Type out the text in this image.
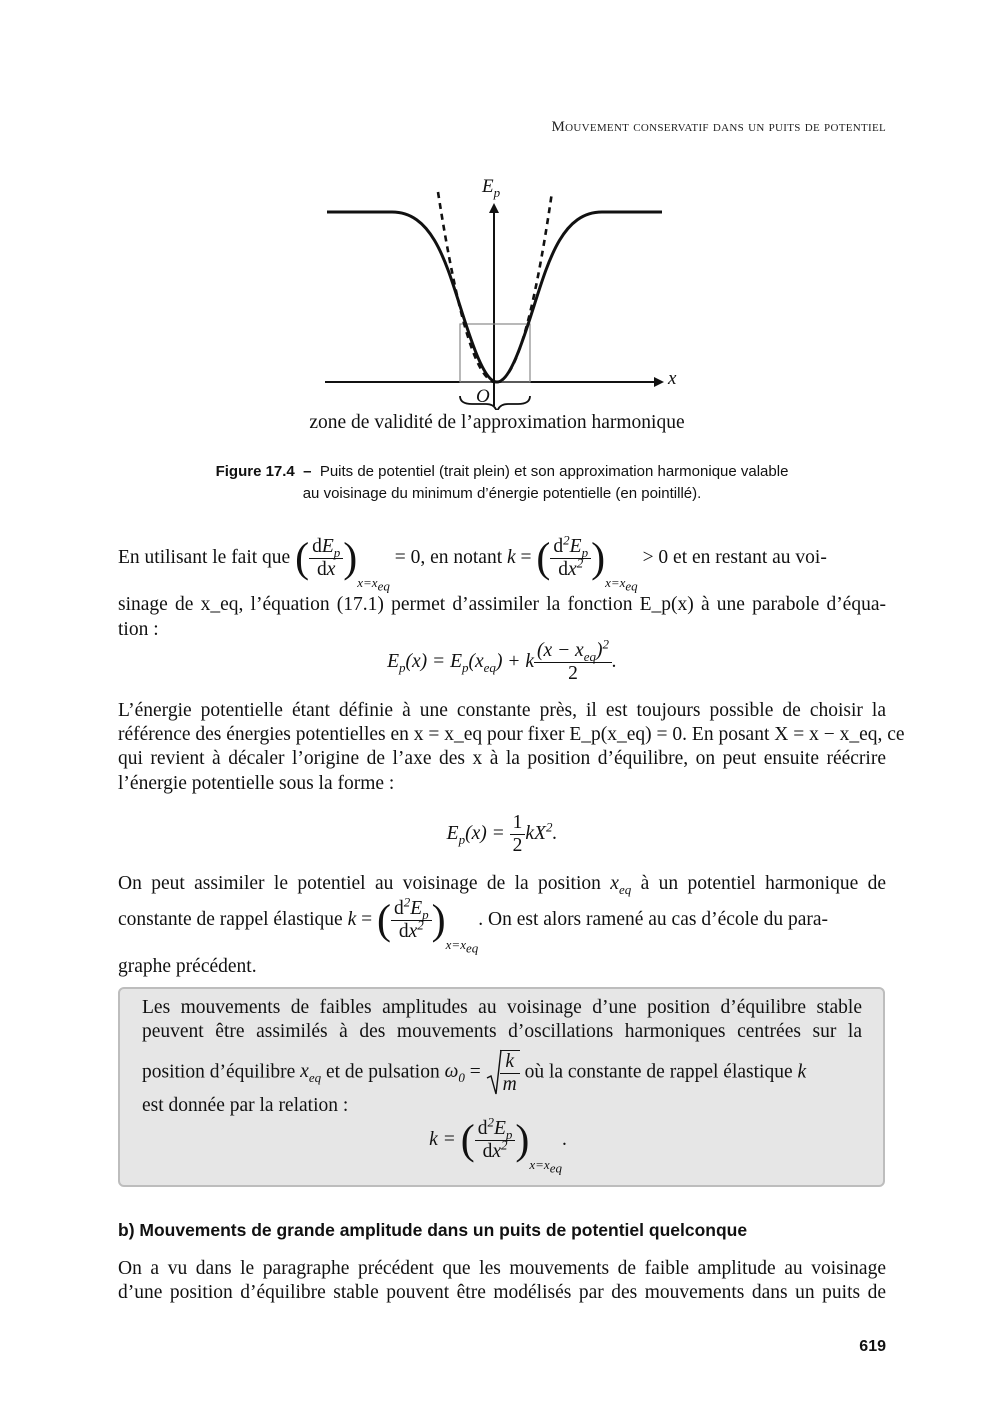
Mouvement conservatif dans un puits de potentiel
$E_p$
x
O
zone de validité de l’approximation harmonique
Figure 17.4 – Puits de potentiel (trait plein) et son approximation harmonique valable
au voisinage du minimum d’énergie potentielle (en pointillé).
En utilisant le fait que ( $\frac{dE_p}{dx} )_{x=x_{eq}} = 0$, en notant k = ( $\frac{d^2E_p}{dx^2} )_{x=x_{eq}} > 0$ et en restant au voi-
sinage de x_eq, l’équation (17.1) permet d’assimiler la fonction E_p(x) à une parabole d’équa-
tion :
$E_p(x) = E_p(x_{eq}) + k \frac{(x - x_{eq})^2}{2}$ .
L’énergie potentielle étant définie à une constante près, il est toujours possible de choisir la
référence des énergies potentielles en x = x_eq pour fixer E_p(x_eq) = 0. En posant X = x − x_eq, ce
qui revient à décaler l’origine de l’axe des x à la position d’équilibre, on peut ensuite réécrire
l’énergie potentielle sous la forme :
$E_p(x) = \frac{1}{2} kX^2$.
On peut assimiler le potentiel au voisinage de la position $x_{eq}$ à un potentiel harmonique de
constante de rappel élastique k = ( $\frac{d^2E_p}{dx^2} )_{x=x_{eq}}$. On est alors ramené au cas d’école du para-
graphe précédent.
Les mouvements de faibles amplitudes au voisinage d’une position d’équilibre stable
peuvent être assimilés à des mouvements d’oscillations harmoniques centrées sur la
position d’équilibre $x_{eq}$ et de pulsation $\omega_0 = \frac{k}{m}$ où la constante de rappel élastique k
est donnée par la relation :
k = ( $\frac{d^2E_p}{dx^2} )_{x=x_{eq}}$.
b) Mouvements de grande amplitude dans un puits de potentiel quelconque
On a vu dans le paragraphe précédent que les mouvements de faible amplitude au voisinage
d’une position d’équilibre stable pouvent être modélisés par des mouvements dans un puits de
619
